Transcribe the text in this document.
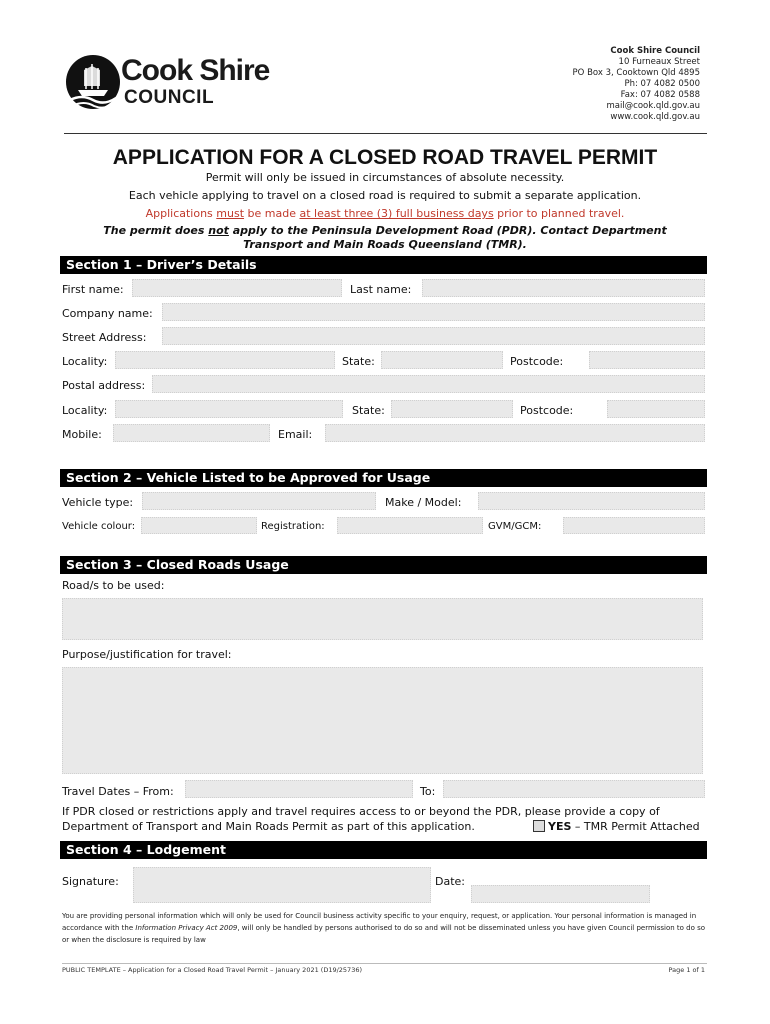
Cook Shire
COUNCIL
Cook Shire Council
10 Furneaux Street
PO Box 3, Cooktown Qld 4895
Ph: 07 4082 0500
Fax: 07 4082 0588
mail@cook.qld.gov.au
www.cook.qld.gov.au
APPLICATION FOR A CLOSED ROAD TRAVEL PERMIT
Permit will only be issued in circumstances of absolute necessity.
Each vehicle applying to travel on a closed road is required to submit a separate application.
Applications must be made at least three (3) full business days prior to planned travel.
The permit does not apply to the Peninsula Development Road (PDR). Contact Department
Transport and Main Roads Queensland (TMR).
Section 1 – Driver’s Details
First name:	Last name:
Company name:
Street Address:
Locality:	State:	Postcode:
Postal address:
Locality:	State:	Postcode:
Mobile:	Email:
Section 2 – Vehicle Listed to be Approved for Usage
Vehicle type:	Make / Model:
Vehicle colour:	Registration:	GVM/GCM:
Section 3 – Closed Roads Usage
Road/s to be used:
Purpose/justification for travel:
Travel Dates – From:	To:
If PDR closed or restrictions apply and travel requires access to or beyond the PDR, please provide a copy of
Department of Transport and Main Roads Permit as part of this application.	YES – TMR Permit Attached
Section 4 – Lodgement
Signature:	Date:
You are providing personal information which will only be used for Council business activity specific to your enquiry, request, or application. Your personal information is managed in accordance with the Information Privacy Act 2009, will only be handled by persons authorised to do so and will not be disseminated unless you have given Council permission to do so or when the disclosure is required by law
PUBLIC TEMPLATE – Application for a Closed Road Travel Permit – January 2021 (D19/25736)	Page 1 of 1
